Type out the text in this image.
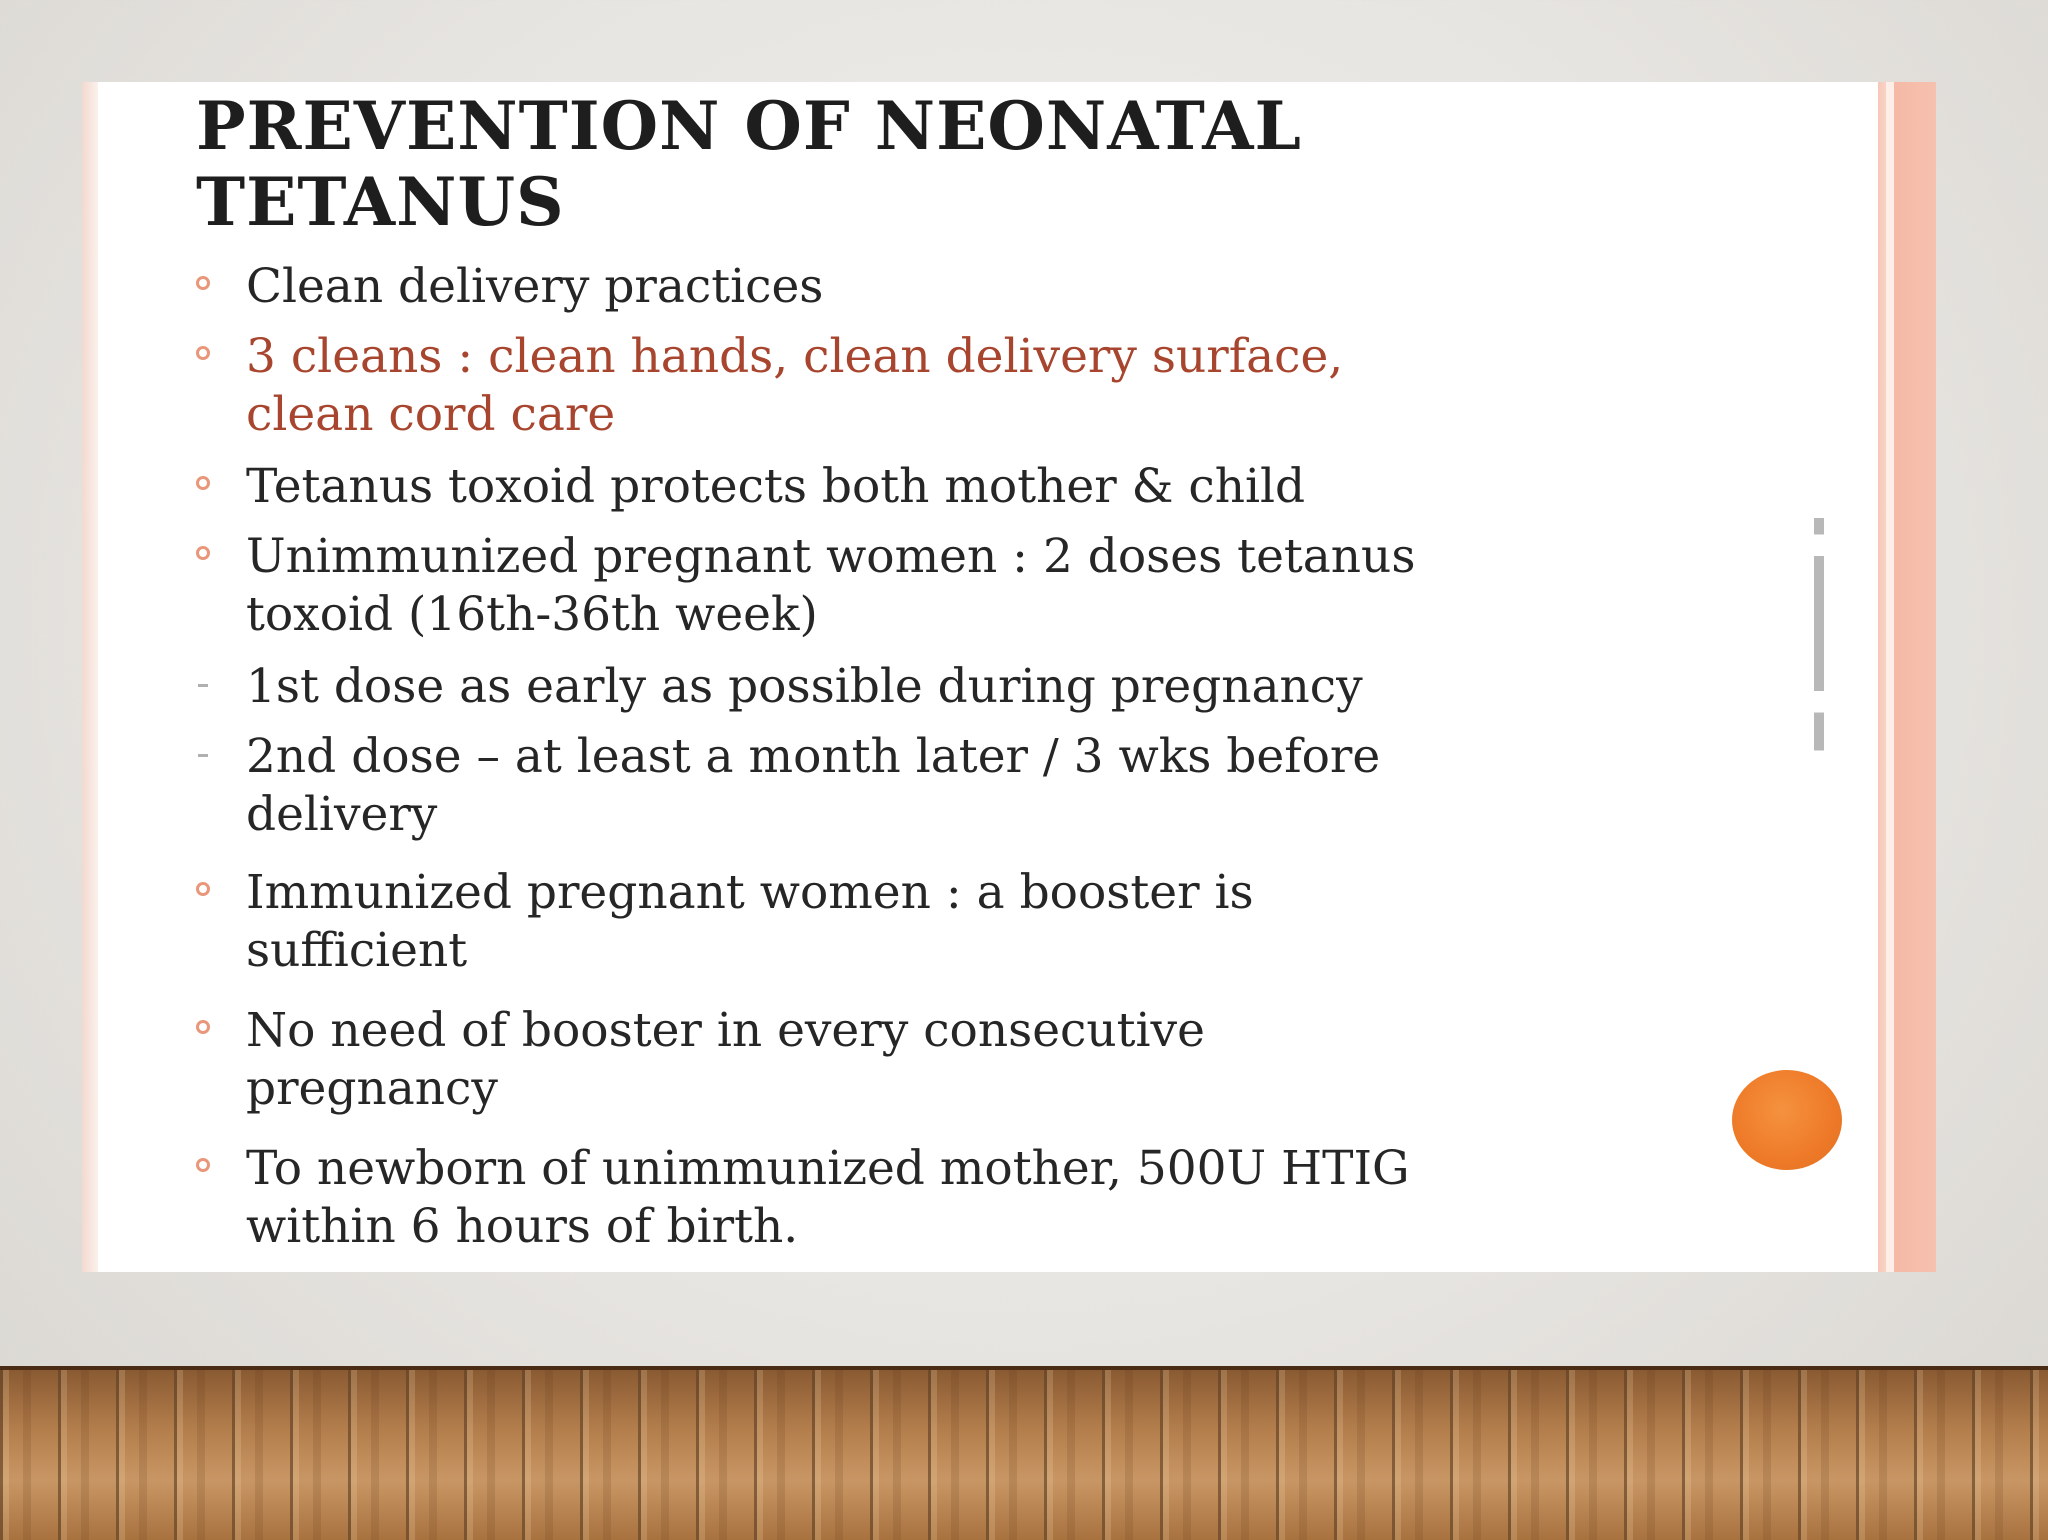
PREVENTION OF NEONATAL
TETANUS
Clean delivery practices
3 cleans : clean hands, clean delivery surface,
clean cord care
Tetanus toxoid protects both mother & child
Unimmunized pregnant women : 2 doses tetanus
toxoid (16th-36th week)
1st dose as early as possible during pregnancy
2nd dose – at least a month later / 3 wks before
delivery
Immunized pregnant women : a booster is
sufficient
No need of booster in every consecutive
pregnancy
To newborn of unimmunized mother, 500U HTIG
within 6 hours of birth.
